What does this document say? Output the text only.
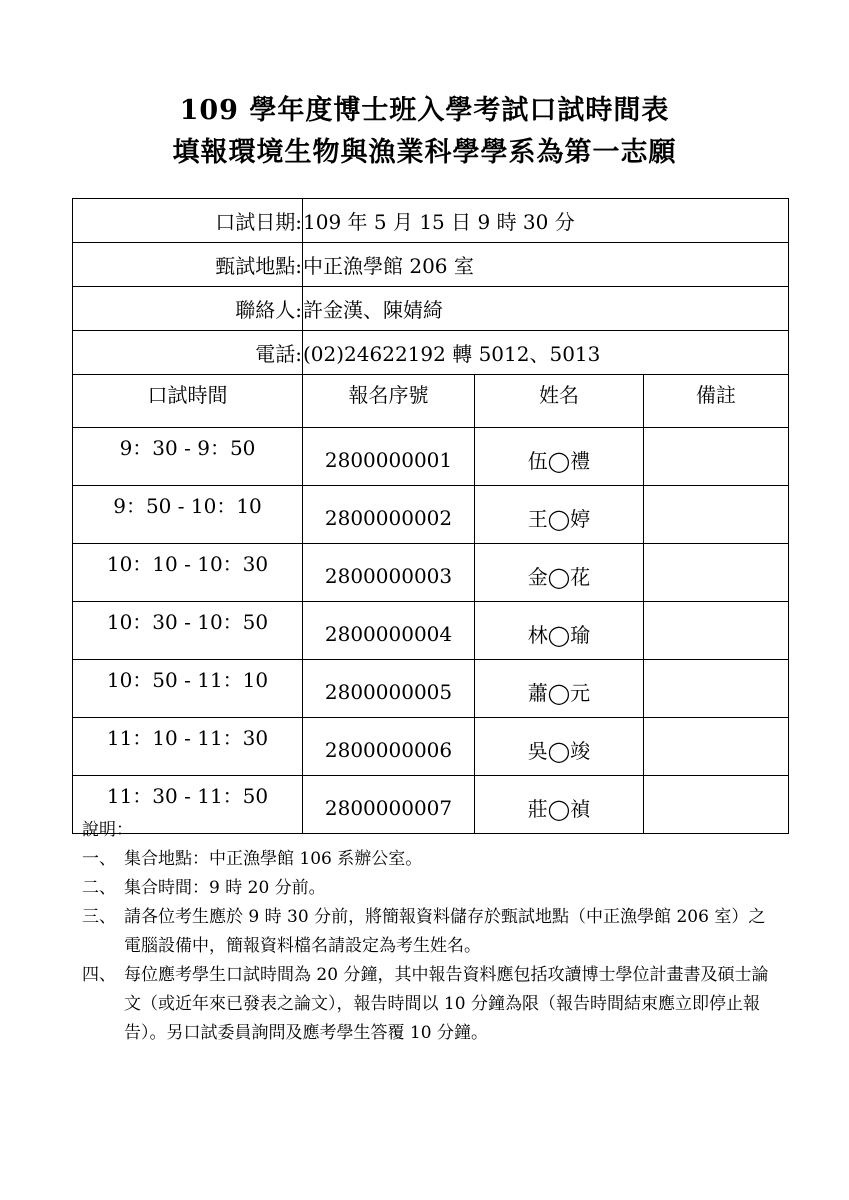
109 學年度博士班入學考試口試時間表
填報環境生物與漁業科學學系為第一志願
口試日期:	109 年 5 月 15 日 9 時 30 分		
甄試地點:	中正漁學館 206 室		
聯絡人:	許金漢、陳婧綺		
電話:	(02)24622192 轉 5012、5013		
口試時間	報名序號	姓名	備註
9：30 - 9：50	2800000001	伍◯禮	
9：50 - 10：10	2800000002	王◯婷	
10：10 - 10：30	2800000003	金◯花	
10：30 - 10：50	2800000004	林◯瑜	
10：50 - 11：10	2800000005	蕭◯元	
11：10 - 11：30	2800000006	吳◯竣	
11：30 - 11：50	2800000007	莊◯禎	
說明：
一、 集合地點：中正漁學館 106 系辦公室。
二、 集合時間：9 時 20 分前。
三、 請各位考生應於 9 時 30 分前，將簡報資料儲存於甄試地點（中正漁學館 206 室）之電腦設備中，簡報資料檔名請設定為考生姓名。
四、 每位應考學生口試時間為 20 分鐘，其中報告資料應包括攻讀博士學位計畫書及碩士論文（或近年來已發表之論文），報告時間以 10 分鐘為限（報告時間結束應立即停止報告）。另口試委員詢問及應考學生答覆 10 分鐘。
